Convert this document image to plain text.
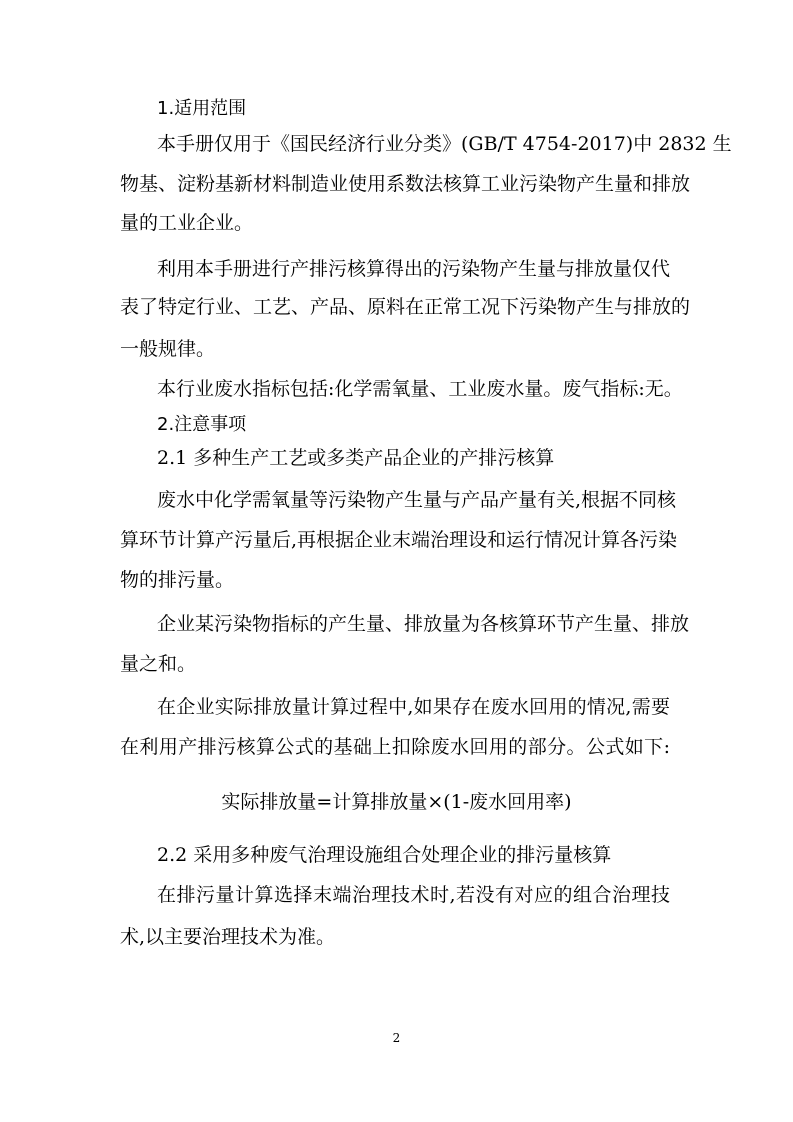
1.适用范围
本手册仅用于《国民经济行业分类》(GB/T 4754-2017)中 2832 生
物基、淀粉基新材料制造业使用系数法核算工业污染物产生量和排放
量的工业企业。
利用本手册进行产排污核算得出的污染物产生量与排放量仅代
表了特定行业、工艺、产品、原料在正常工况下污染物产生与排放的
一般规律。
本行业废水指标包括:化学需氧量、工业废水量。废气指标:无。
2.注意事项
2.1 多种生产工艺或多类产品企业的产排污核算
废水中化学需氧量等污染物产生量与产品产量有关,根据不同核
算环节计算产污量后,再根据企业末端治理设和运行情况计算各污染
物的排污量。
企业某污染物指标的产生量、排放量为各核算环节产生量、排放
量之和。
在企业实际排放量计算过程中,如果存在废水回用的情况,需要
在利用产排污核算公式的基础上扣除废水回用的部分。公式如下:
实际排放量=计算排放量×(1-废水回用率)
2.2 采用多种废气治理设施组合处理企业的排污量核算
在排污量计算选择末端治理技术时,若没有对应的组合治理技
术,以主要治理技术为准。
2
